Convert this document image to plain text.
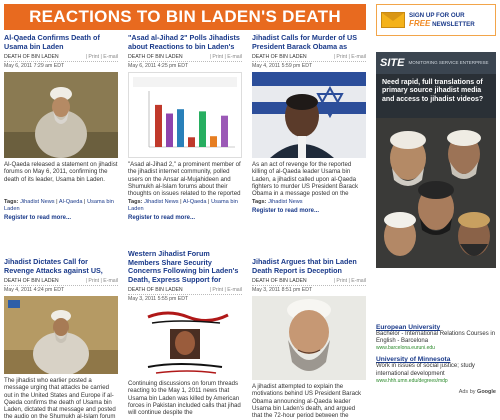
REACTIONS TO BIN LADEN'S DEATH
Al-Qaeda Confirms Death of Usama bin Laden
DEATH OF BIN LADEN	| Print | E-mail
May 6, 2011 7:29 am EDT
Al-Qaeda released a statement on jihadist forums on May 6, 2011, confirming the death of its leader, Usama bin Laden.
Tags: Jihadist News | Al-Qaeda | Usama bin Laden
Register to read more...
"Asad al-Jihad 2" Polls Jihadists about Reactions to bin Laden's
DEATH OF BIN LADEN	| Print | E-mail
May 6, 2011 4:25 pm EDT
"Asad al-Jihad 2," a prominent member of the jihadist internet community, polled users on the Ansar al-Mujahideen and Shumukh al-Islam forums about their thoughts on issues related to the reported
Tags: Jihadist News | Al-Qaeda | Usama bin Laden
Register to read more...
Jihadist Calls for Murder of US President Barack Obama as
DEATH OF BIN LADEN	| Print | E-mail
May 4, 2011 5:59 pm EDT
As an act of revenge for the reported killing of al-Qaeda leader Usama bin Laden, a jihadist called upon al-Qaeda fighters to murder US President Barack Obama in a message posted on the
Tags: Jihadist News
Register to read more...
Jihadist Dictates Call for Revenge Attacks against US,
DEATH OF BIN LADEN	| Print | E-mail
May 4, 2011 4:24 pm EDT
The jihadist who earlier posted a message urging that attacks be carried out in the United States and Europe if al-Qaeda confirms the death of Usama bin Laden, dictated that message and posted the audio on the Shumukh al-Islam forum
Western Jihadist Forum Members Share Security Concerns Following bin Laden's Death, Express Support for
DEATH OF BIN LADEN	| Print | E-mail
May 3, 2011 5:55 pm EDT
Continuing discussions on forum threads reacting to the May 1, 2011 news that Usama bin Laden was killed by American forces in Pakistan included calls that jihad will continue despite the
Jihadist Argues that bin Laden Death Report is Deception
DEATH OF BIN LADEN	| Print | E-mail
May 3, 2011 8:51 pm EDT
A jihadist attempted to explain the motivations behind US President Barack Obama announcing al-Qaeda leader Usama bin Laden's death, and argued that the 72-hour period between the
SIGN UP FOR OUR
FREE NEWSLETTER
SITE MONITORING SERVICE ENTERPRISE
Need rapid, full translations of primary source jihadist media and access to jihadist videos?
European University
Bachelor - International Relations Courses in English - Barcelona
www.barcelona.euruni.edu
University of Minnesota
Work in issues of social justice; study international development
www.hhh.umn.edu/degrees/mdp
Ads by Google
